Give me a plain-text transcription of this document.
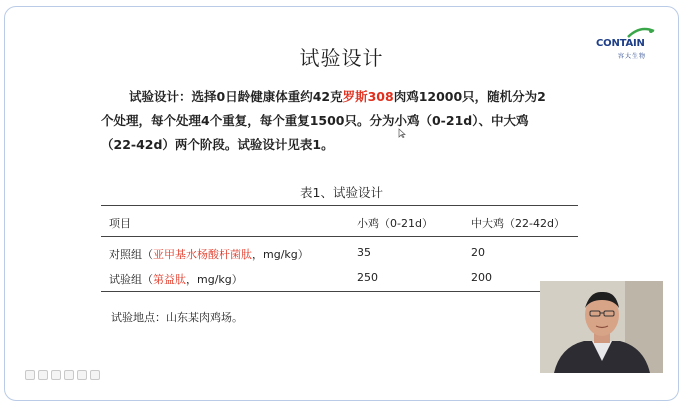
CONTAIN
容大生物
试验设计
试验设计：选择0日龄健康体重约42克罗斯308肉鸡12000只，随机分为2
个处理，每个处理4个重复，每个重复1500只。分为小鸡（0-21d）、中大鸡
（22-42d）两个阶段。试验设计见表1。
表1、试验设计
项目	小鸡（0-21d）	中大鸡（22-42d）
对照组（亚甲基水杨酸杆菌肽，mg/kg）	35	20
试验组（第益肽，mg/kg）	250	200
试验地点：山东某肉鸡场。
